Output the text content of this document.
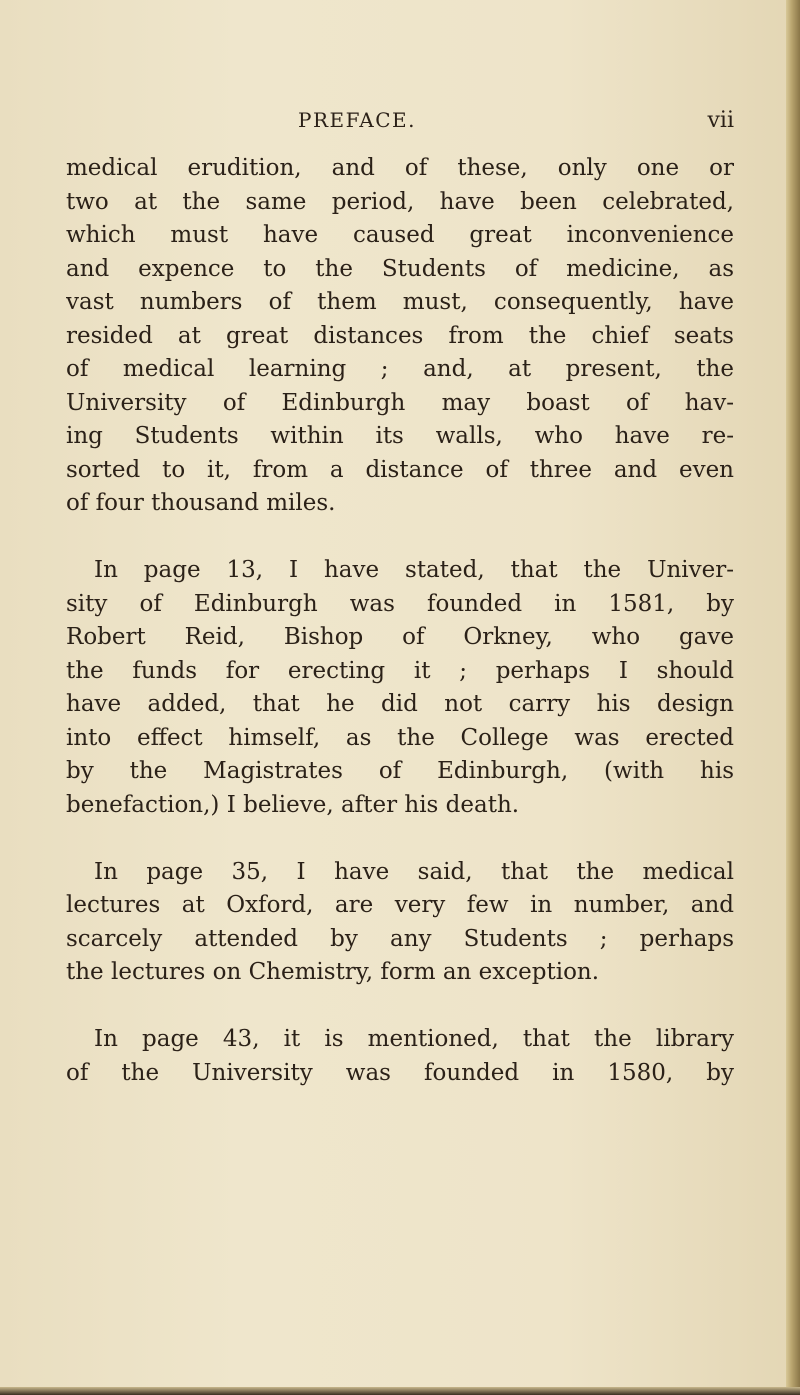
PREFACE.	vii
medical erudition, and of these, only one or
two at the same period, have been celebrated,
which must have caused great inconvenience
and expence to the Students of medicine, as
vast numbers of them must, consequently, have
resided at great distances from the chief seats
of medical learning ; and, at present, the
University of Edinburgh may boast of hav-
ing Students within its walls, who have re-
sorted to it, from a distance of three and even
of four thousand miles.
In page 13, I have stated, that the Univer-
sity of Edinburgh was founded in 1581, by
Robert Reid, Bishop of Orkney, who gave
the funds for erecting it ; perhaps I should
have added, that he did not carry his design
into effect himself, as the College was erected
by the Magistrates of Edinburgh, (with his
benefaction,) I believe, after his death.
In page 35, I have said, that the medical
lectures at Oxford, are very few in number, and
scarcely attended by any Students ; perhaps
the lectures on Chemistry, form an exception.
In page 43, it is mentioned, that the library
of the University was founded in 1580, by
